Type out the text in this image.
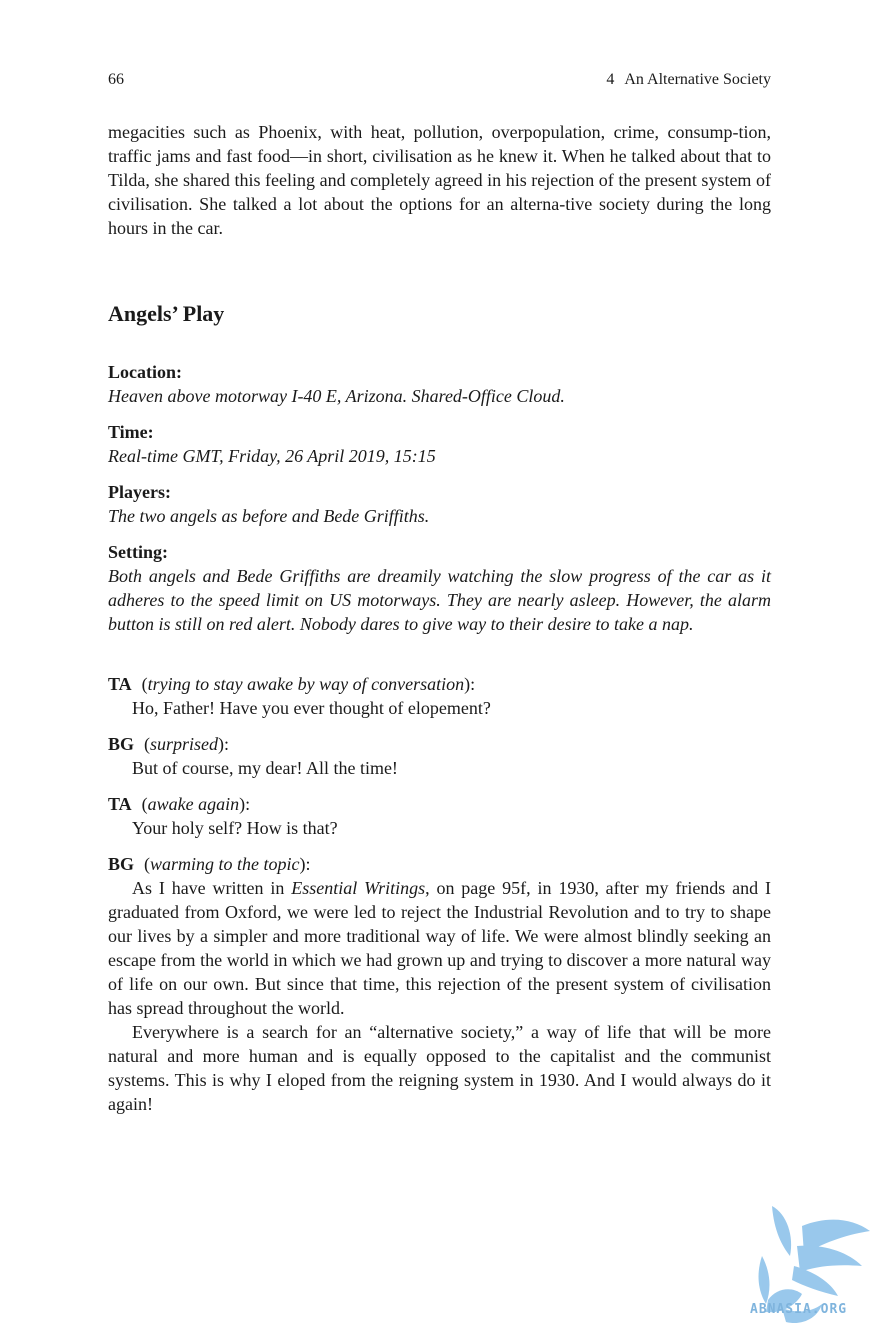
66	4 An Alternative Society

megacities such as Phoenix, with heat, pollution, overpopulation, crime, consump-tion, traffic jams and fast food—in short, civilisation as he knew it. When he talked about that to Tilda, she shared this feeling and completely agreed in his rejection of the present system of civilisation. She talked a lot about the options for an alterna-tive society during the long hours in the car.

Angels’ Play

Location:

Heaven above motorway I-40 E, Arizona. Shared-Office Cloud.

Time:

Real-time GMT, Friday, 26 April 2019, 15:15

Players:

The two angels as before and Bede Griffiths.

Setting:

Both angels and Bede Griffiths are dreamily watching the slow progress of the car as it adheres to the speed limit on US motorways. They are nearly asleep. However, the alarm button is still on red alert. Nobody dares to give way to their desire to take a nap.

TA (trying to stay awake by way of conversation):

Ho, Father! Have you ever thought of elopement?

BG (surprised):

But of course, my dear! All the time!

TA (awake again):

Your holy self? How is that?

BG (warming to the topic):

As I have written in Essential Writings, on page 95f, in 1930, after my friends and I graduated from Oxford, we were led to reject the Industrial Revolution and to try to shape our lives by a simpler and more traditional way of life. We were almost blindly seeking an escape from the world in which we had grown up and trying to discover a more natural way of life on our own. But since that time, this rejection of the present system of civilisation has spread throughout the world.

Everywhere is a search for an “alternative society,” a way of life that will be more natural and more human and is equally opposed to the capitalist and the communist systems. This is why I eloped from the reigning system in 1930. And I would always do it again!

ABNASIA.ORG
